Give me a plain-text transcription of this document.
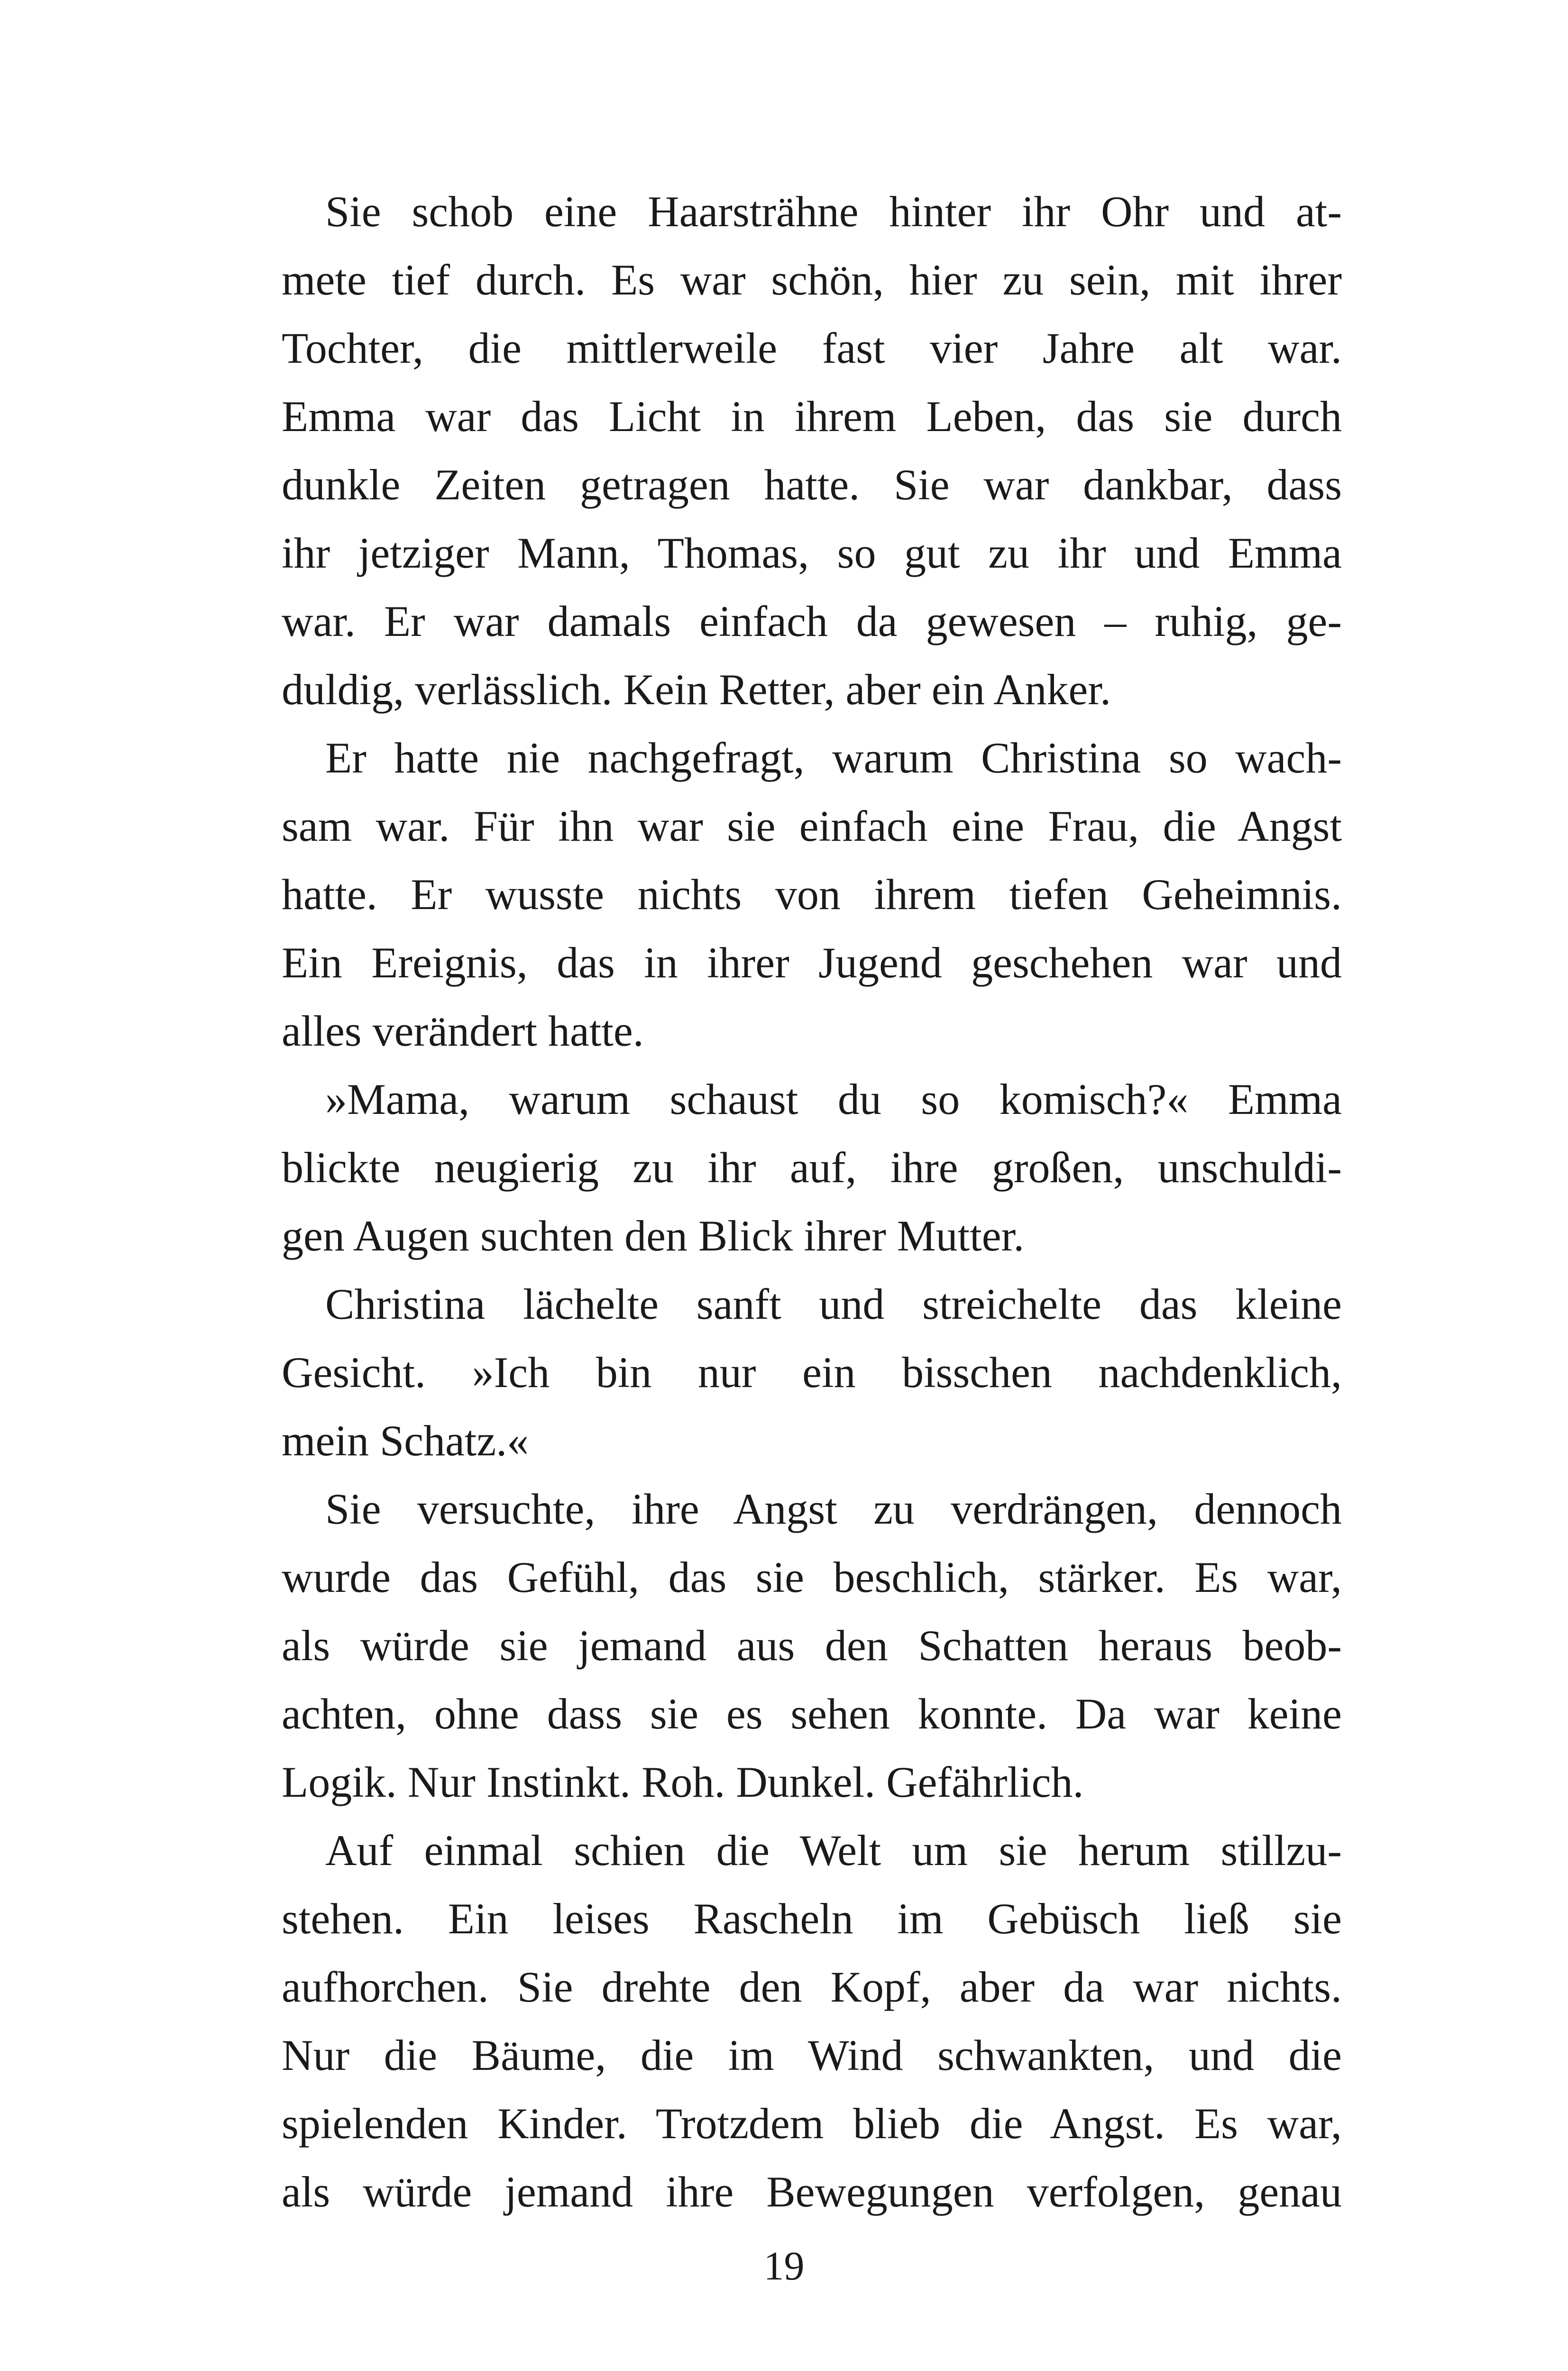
Sie schob eine Haarsträhne hinter ihr Ohr und at-
mete tief durch. Es war schön, hier zu sein, mit ihrer
Tochter, die mittlerweile fast vier Jahre alt war.
Emma war das Licht in ihrem Leben, das sie durch
dunkle Zeiten getragen hatte. Sie war dankbar, dass
ihr jetziger Mann, Thomas, so gut zu ihr und Emma
war. Er war damals einfach da gewesen – ruhig, ge-
duldig, verlässlich. Kein Retter, aber ein Anker.
Er hatte nie nachgefragt, warum Christina so wach-
sam war. Für ihn war sie einfach eine Frau, die Angst
hatte. Er wusste nichts von ihrem tiefen Geheimnis.
Ein Ereignis, das in ihrer Jugend geschehen war und
alles verändert hatte.
»Mama, warum schaust du so komisch?« Emma
blickte neugierig zu ihr auf, ihre großen, unschuldi-
gen Augen suchten den Blick ihrer Mutter.
Christina lächelte sanft und streichelte das kleine
Gesicht. »Ich bin nur ein bisschen nachdenklich,
mein Schatz.«
Sie versuchte, ihre Angst zu verdrängen, dennoch
wurde das Gefühl, das sie beschlich, stärker. Es war,
als würde sie jemand aus den Schatten heraus beob-
achten, ohne dass sie es sehen konnte. Da war keine
Logik. Nur Instinkt. Roh. Dunkel. Gefährlich.
Auf einmal schien die Welt um sie herum stillzu-
stehen. Ein leises Rascheln im Gebüsch ließ sie
aufhorchen. Sie drehte den Kopf, aber da war nichts.
Nur die Bäume, die im Wind schwankten, und die
spielenden Kinder. Trotzdem blieb die Angst. Es war,
als würde jemand ihre Bewegungen verfolgen, genau
19
